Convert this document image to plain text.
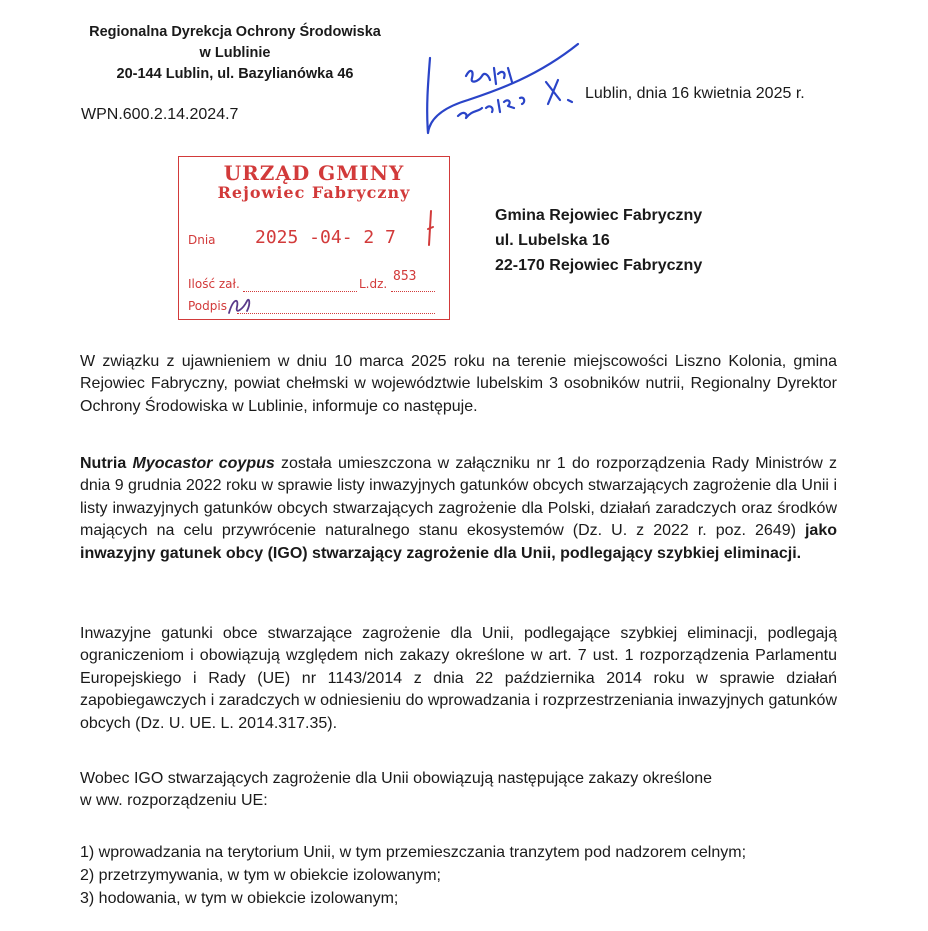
Regionalna Dyrekcja Ochrony Środowiska
w Lublinie
20-144 Lublin, ul. Bazylianówka 46
WPN.600.2.14.2024.7
Lublin, dnia 16 kwietnia 2025 r.
URZĄD GMINY
Rejowiec Fabryczny
Dnia 2025 -04- 2 7
Ilość zał.	L.dz. 853
Podpis
Gmina Rejowiec Fabryczny
ul. Lubelska 16
22-170 Rejowiec Fabryczny
W związku z ujawnieniem w dniu 10 marca 2025 roku na terenie miejscowości Liszno Kolonia, gmina Rejowiec Fabryczny, powiat chełmski w województwie lubelskim 3 osobników nutrii, Regionalny Dyrektor Ochrony Środowiska w Lublinie, informuje co następuje.
Nutria Myocastor coypus została umieszczona w załączniku nr 1 do rozporządzenia Rady Ministrów z dnia 9 grudnia 2022 roku w sprawie listy inwazyjnych gatunków obcych stwarzających zagrożenie dla Unii i listy inwazyjnych gatunków obcych stwarzających zagrożenie dla Polski, działań zaradczych oraz środków mających na celu przywrócenie naturalnego stanu ekosystemów (Dz. U. z 2022 r. poz. 2649) jako inwazyjny gatunek obcy (IGO) stwarzający zagrożenie dla Unii, podlegający szybkiej eliminacji.
Inwazyjne gatunki obce stwarzające zagrożenie dla Unii, podlegające szybkiej eliminacji, podlegają ograniczeniom i obowiązują względem nich zakazy określone w art. 7 ust. 1 rozporządzenia Parlamentu Europejskiego i Rady (UE) nr 1143/2014 z dnia 22 października 2014 roku w sprawie działań zapobiegawczych i zaradczych w odniesieniu do wprowadzania i rozprzestrzeniania inwazyjnych gatunków obcych (Dz. U. UE. L. 2014.317.35).
Wobec IGO stwarzających zagrożenie dla Unii obowiązują następujące zakazy określone
w ww. rozporządzeniu UE:
1) wprowadzania na terytorium Unii, w tym przemieszczania tranzytem pod nadzorem celnym;
2) przetrzymywania, w tym w obiekcie izolowanym;
3) hodowania, w tym w obiekcie izolowanym;
